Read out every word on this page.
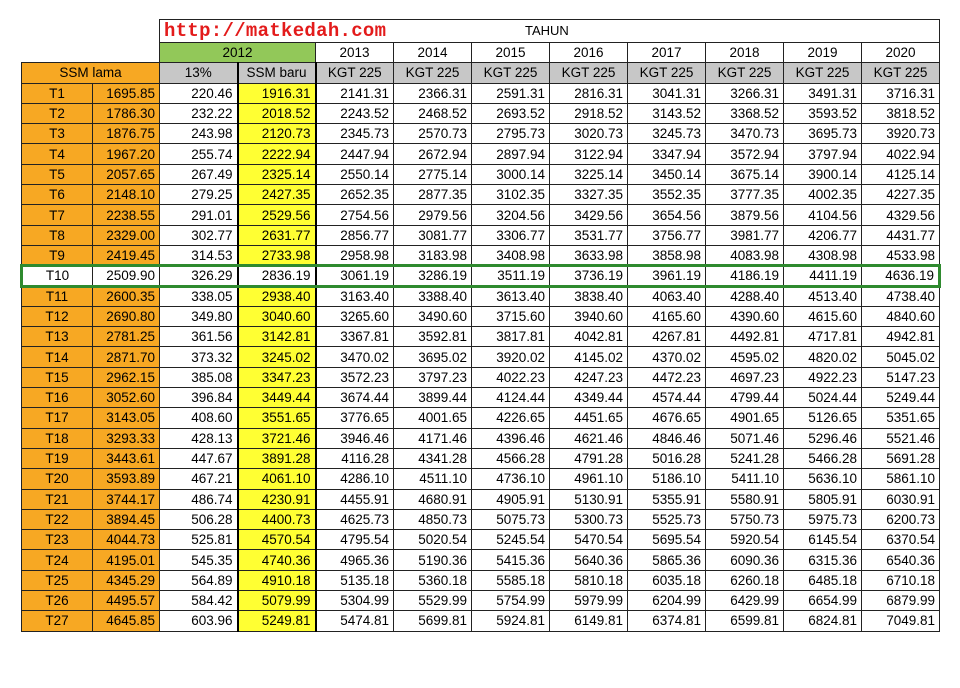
		http://matkedah.com TAHUN									

		2012		2013	2014	2015	2016	2017	2018	2019	2020
SSM lama		13%	SSM baru	KGT 225	KGT 225	KGT 225	KGT 225	KGT 225	KGT 225	KGT 225	KGT 225
T1	1695.85	220.46	1916.31	2141.31	2366.31	2591.31	2816.31	3041.31	3266.31	3491.31	3716.31
T2	1786.30	232.22	2018.52	2243.52	2468.52	2693.52	2918.52	3143.52	3368.52	3593.52	3818.52
T3	1876.75	243.98	2120.73	2345.73	2570.73	2795.73	3020.73	3245.73	3470.73	3695.73	3920.73
T4	1967.20	255.74	2222.94	2447.94	2672.94	2897.94	3122.94	3347.94	3572.94	3797.94	4022.94
T5	2057.65	267.49	2325.14	2550.14	2775.14	3000.14	3225.14	3450.14	3675.14	3900.14	4125.14
T6	2148.10	279.25	2427.35	2652.35	2877.35	3102.35	3327.35	3552.35	3777.35	4002.35	4227.35
T7	2238.55	291.01	2529.56	2754.56	2979.56	3204.56	3429.56	3654.56	3879.56	4104.56	4329.56
T8	2329.00	302.77	2631.77	2856.77	3081.77	3306.77	3531.77	3756.77	3981.77	4206.77	4431.77
T9	2419.45	314.53	2733.98	2958.98	3183.98	3408.98	3633.98	3858.98	4083.98	4308.98	4533.98
T10	2509.90	326.29	2836.19	3061.19	3286.19	3511.19	3736.19	3961.19	4186.19	4411.19	4636.19
T11	2600.35	338.05	2938.40	3163.40	3388.40	3613.40	3838.40	4063.40	4288.40	4513.40	4738.40
T12	2690.80	349.80	3040.60	3265.60	3490.60	3715.60	3940.60	4165.60	4390.60	4615.60	4840.60
T13	2781.25	361.56	3142.81	3367.81	3592.81	3817.81	4042.81	4267.81	4492.81	4717.81	4942.81
T14	2871.70	373.32	3245.02	3470.02	3695.02	3920.02	4145.02	4370.02	4595.02	4820.02	5045.02
T15	2962.15	385.08	3347.23	3572.23	3797.23	4022.23	4247.23	4472.23	4697.23	4922.23	5147.23
T16	3052.60	396.84	3449.44	3674.44	3899.44	4124.44	4349.44	4574.44	4799.44	5024.44	5249.44
T17	3143.05	408.60	3551.65	3776.65	4001.65	4226.65	4451.65	4676.65	4901.65	5126.65	5351.65
T18	3293.33	428.13	3721.46	3946.46	4171.46	4396.46	4621.46	4846.46	5071.46	5296.46	5521.46
T19	3443.61	447.67	3891.28	4116.28	4341.28	4566.28	4791.28	5016.28	5241.28	5466.28	5691.28
T20	3593.89	467.21	4061.10	4286.10	4511.10	4736.10	4961.10	5186.10	5411.10	5636.10	5861.10
T21	3744.17	486.74	4230.91	4455.91	4680.91	4905.91	5130.91	5355.91	5580.91	5805.91	6030.91
T22	3894.45	506.28	4400.73	4625.73	4850.73	5075.73	5300.73	5525.73	5750.73	5975.73	6200.73
T23	4044.73	525.81	4570.54	4795.54	5020.54	5245.54	5470.54	5695.54	5920.54	6145.54	6370.54
T24	4195.01	545.35	4740.36	4965.36	5190.36	5415.36	5640.36	5865.36	6090.36	6315.36	6540.36
T25	4345.29	564.89	4910.18	5135.18	5360.18	5585.18	5810.18	6035.18	6260.18	6485.18	6710.18
T26	4495.57	584.42	5079.99	5304.99	5529.99	5754.99	5979.99	6204.99	6429.99	6654.99	6879.99
T27	4645.85	603.96	5249.81	5474.81	5699.81	5924.81	6149.81	6374.81	6599.81	6824.81	7049.81
